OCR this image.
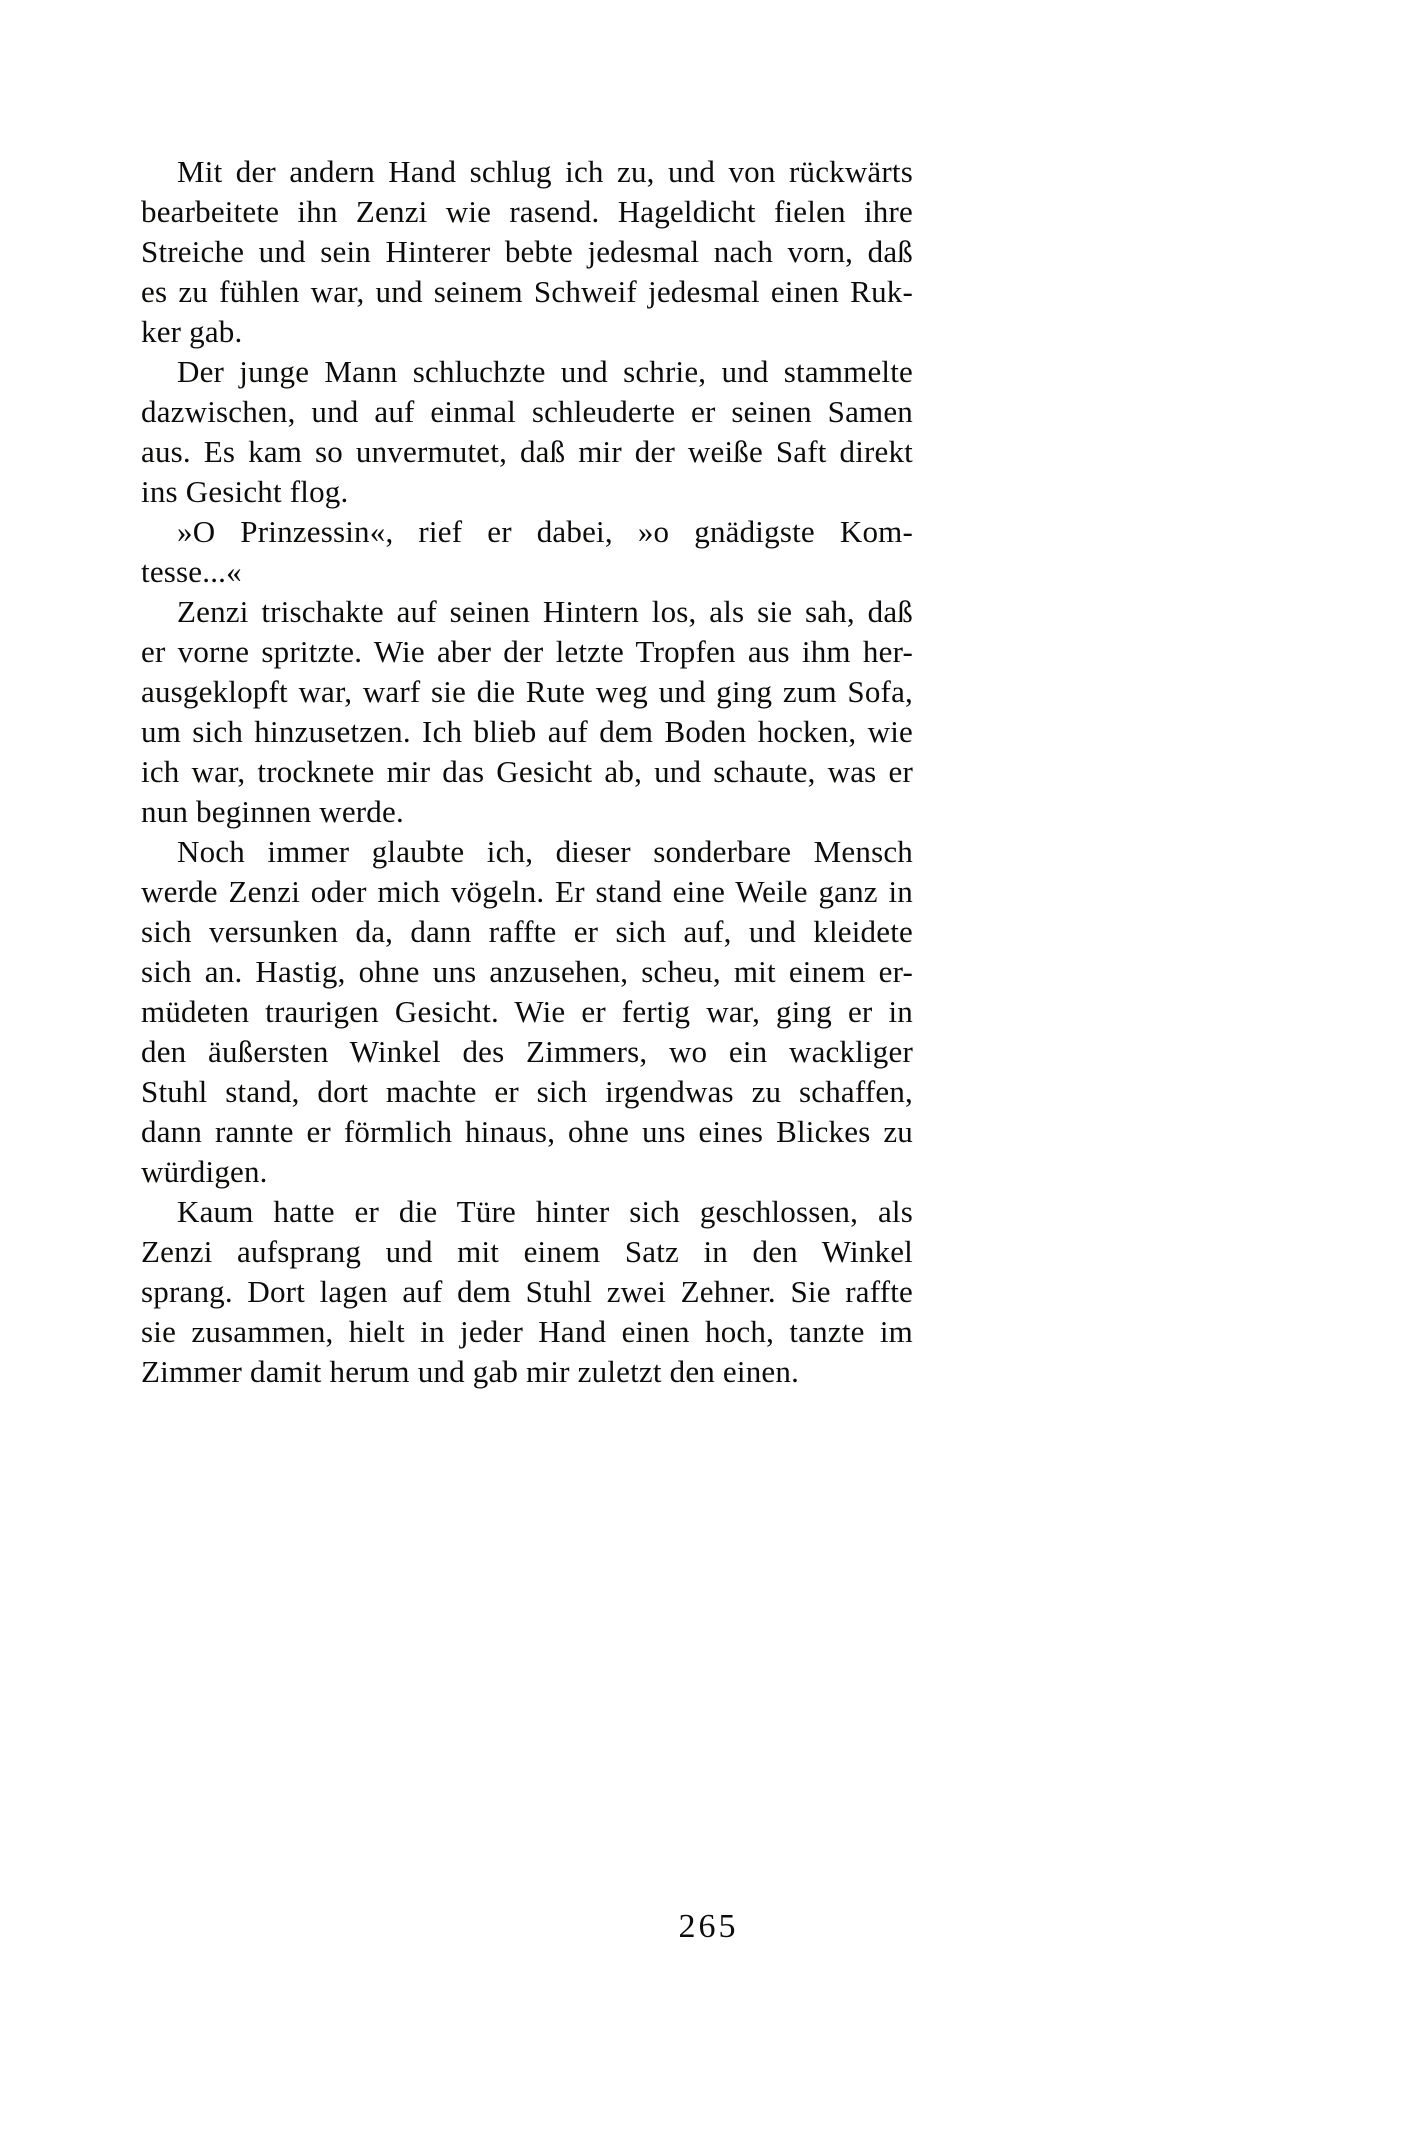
Mit der andern Hand schlug ich zu, und von rückwärts
bearbeitete ihn Zenzi wie rasend. Hageldicht fielen ihre
Streiche und sein Hinterer bebte jedesmal nach vorn, daß
es zu fühlen war, und seinem Schweif jedesmal einen Ruk-
ker gab.
Der junge Mann schluchzte und schrie, und stammelte
dazwischen, und auf einmal schleuderte er seinen Samen
aus. Es kam so unvermutet, daß mir der weiße Saft direkt
ins Gesicht flog.
»O Prinzessin«, rief er dabei, »o gnädigste Kom-
tesse...«
Zenzi trischakte auf seinen Hintern los, als sie sah, daß
er vorne spritzte. Wie aber der letzte Tropfen aus ihm her-
ausgeklopft war, warf sie die Rute weg und ging zum Sofa,
um sich hinzusetzen. Ich blieb auf dem Boden hocken, wie
ich war, trocknete mir das Gesicht ab, und schaute, was er
nun beginnen werde.
Noch immer glaubte ich, dieser sonderbare Mensch
werde Zenzi oder mich vögeln. Er stand eine Weile ganz in
sich versunken da, dann raffte er sich auf, und kleidete
sich an. Hastig, ohne uns anzusehen, scheu, mit einem er-
müdeten traurigen Gesicht. Wie er fertig war, ging er in
den äußersten Winkel des Zimmers, wo ein wackliger
Stuhl stand, dort machte er sich irgendwas zu schaffen,
dann rannte er förmlich hinaus, ohne uns eines Blickes zu
würdigen.
Kaum hatte er die Türe hinter sich geschlossen, als
Zenzi aufsprang und mit einem Satz in den Winkel
sprang. Dort lagen auf dem Stuhl zwei Zehner. Sie raffte
sie zusammen, hielt in jeder Hand einen hoch, tanzte im
Zimmer damit herum und gab mir zuletzt den einen.
265
